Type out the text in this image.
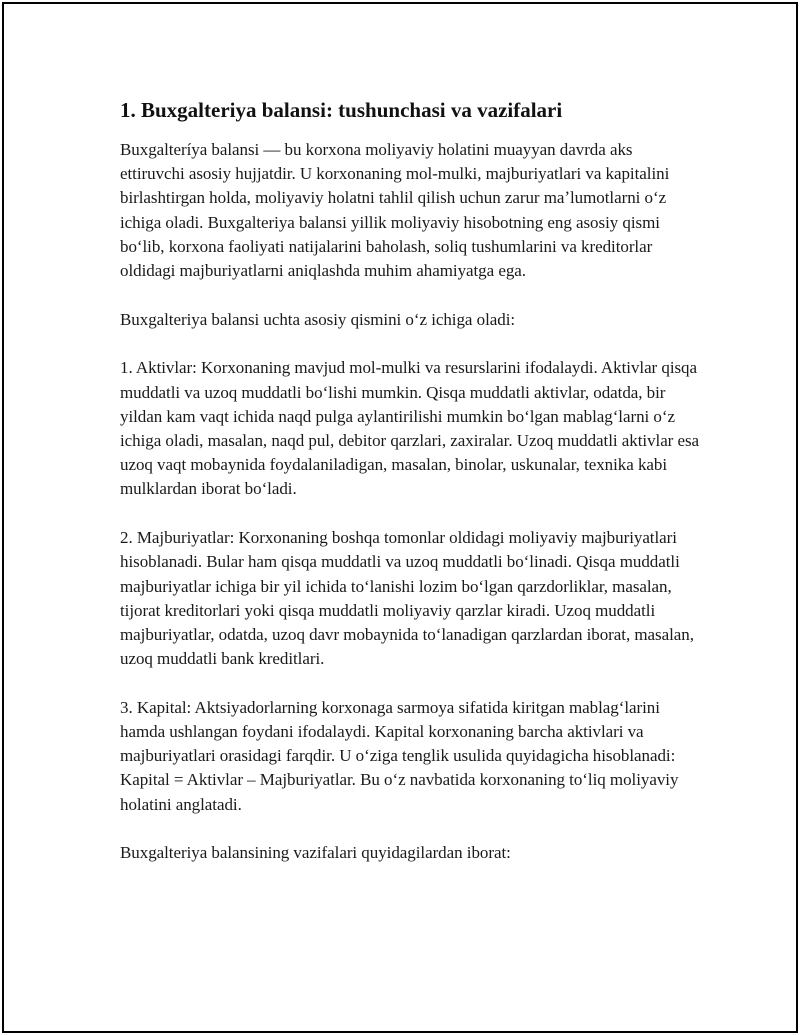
1. Buxgalteriya balansi: tushunchasi va vazifalari

Buxgalteríya balansi — bu korxona moliyaviy holatini muayyan davrda aks ettiruvchi asosiy hujjatdir. U korxonaning mol-mulki, majburiyatlari va kapitalini birlashtirgan holda, moliyaviy holatni tahlil qilish uchun zarur maʼlumotlarni oʻz ichiga oladi. Buxgalteriya balansi yillik moliyaviy hisobotning eng asosiy qismi boʻlib, korxona faoliyati natijalarini baholash, soliq tushumlarini va kreditorlar oldidagi majburiyatlarni aniqlashda muhim ahamiyatga ega.

Buxgalteriya balansi uchta asosiy qismini oʻz ichiga oladi:

1. Aktivlar: Korxonaning mavjud mol-mulki va resurslarini ifodalaydi. Aktivlar qisqa muddatli va uzoq muddatli boʻlishi mumkin. Qisqa muddatli aktivlar, odatda, bir yildan kam vaqt ichida naqd pulga aylantirilishi mumkin boʻlgan mablagʻlarni oʻz ichiga oladi, masalan, naqd pul, debitor qarzlari, zaxiralar. Uzoq muddatli aktivlar esa uzoq vaqt mobaynida foydalaniladigan, masalan, binolar, uskunalar, texnika kabi mulklardan iborat boʻladi.

2. Majburiyatlar: Korxonaning boshqa tomonlar oldidagi moliyaviy majburiyatlari hisoblanadi. Bular ham qisqa muddatli va uzoq muddatli boʻlinadi. Qisqa muddatli majburiyatlar ichiga bir yil ichida toʻlanishi lozim boʻlgan qarzdorliklar, masalan, tijorat kreditorlari yoki qisqa muddatli moliyaviy qarzlar kiradi. Uzoq muddatli majburiyatlar, odatda, uzoq davr mobaynida toʻlanadigan qarzlardan iborat, masalan, uzoq muddatli bank kreditlari.

3. Kapital: Aktsiyadorlarning korxonaga sarmoya sifatida kiritgan mablagʻlarini hamda ushlangan foydani ifodalaydi. Kapital korxonaning barcha aktivlari va majburiyatlari orasidagi farqdir. U oʻziga tenglik usulida quyidagicha hisoblanadi: Kapital = Aktivlar – Majburiyatlar. Bu oʻz navbatida korxonaning toʻliq moliyaviy holatini anglatadi.

Buxgalteriya balansining vazifalari quyidagilardan iborat:
